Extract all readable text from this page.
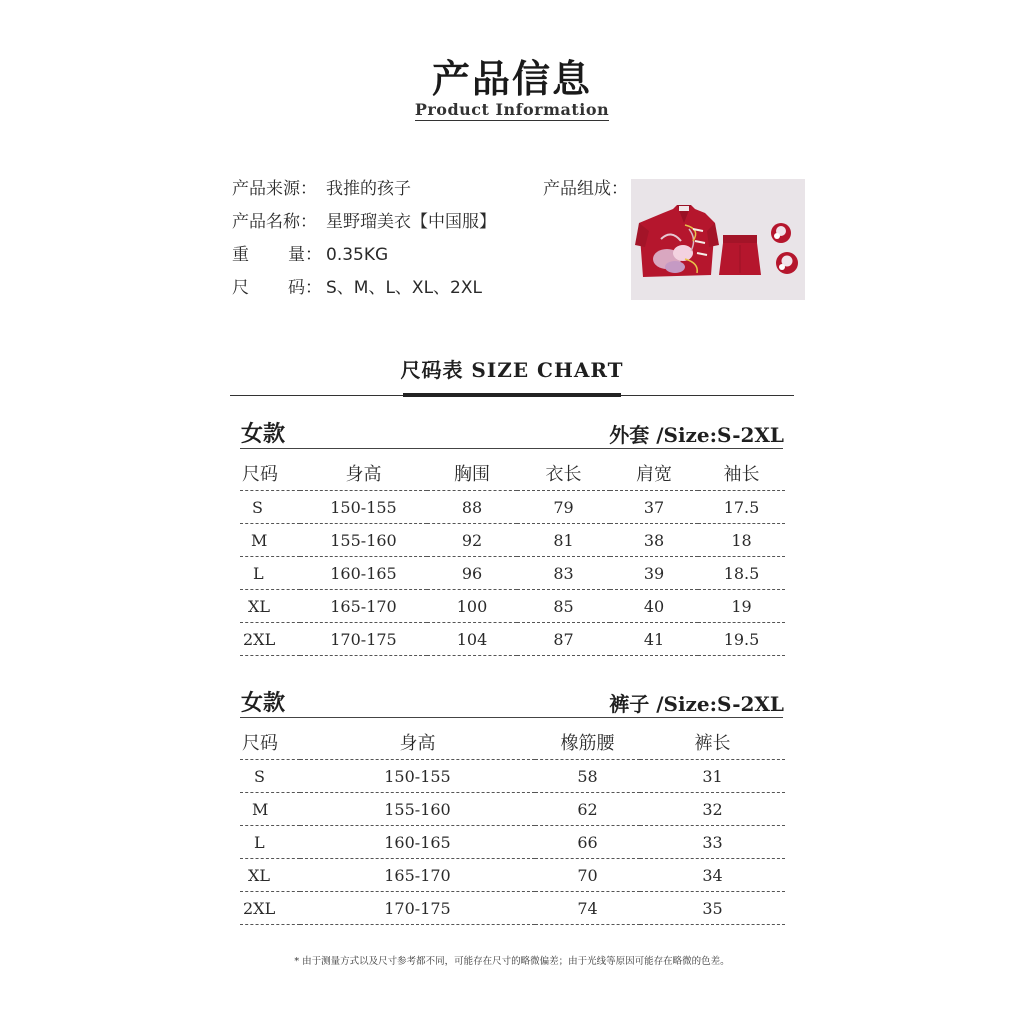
产品信息
Product Information
产品来源： 我推的孩子
产品名称： 星野瑠美衣【中国服】
重 量： 0.35KG
尺 码： S、M、L、XL、2XL
产品组成：
尺码表 SIZE CHART
女款	外套 /Size:S-2XL
尺码	身高	胸围	衣长	肩宽	袖长
S	150-155	88	79	37	17.5
M	155-160	92	81	38	18
L	160-165	96	83	39	18.5
XL	165-170	100	85	40	19
2XL	170-175	104	87	41	19.5
女款	裤子 /Size:S-2XL
尺码	身高	橡筋腰	裤长
S	150-155	58	31
M	155-160	62	32
L	160-165	66	33
XL	165-170	70	34
2XL	170-175	74	35
* 由于测量方式以及尺寸参考都不同，可能存在尺寸的略微偏差；由于光线等原因可能存在略微的色差。
